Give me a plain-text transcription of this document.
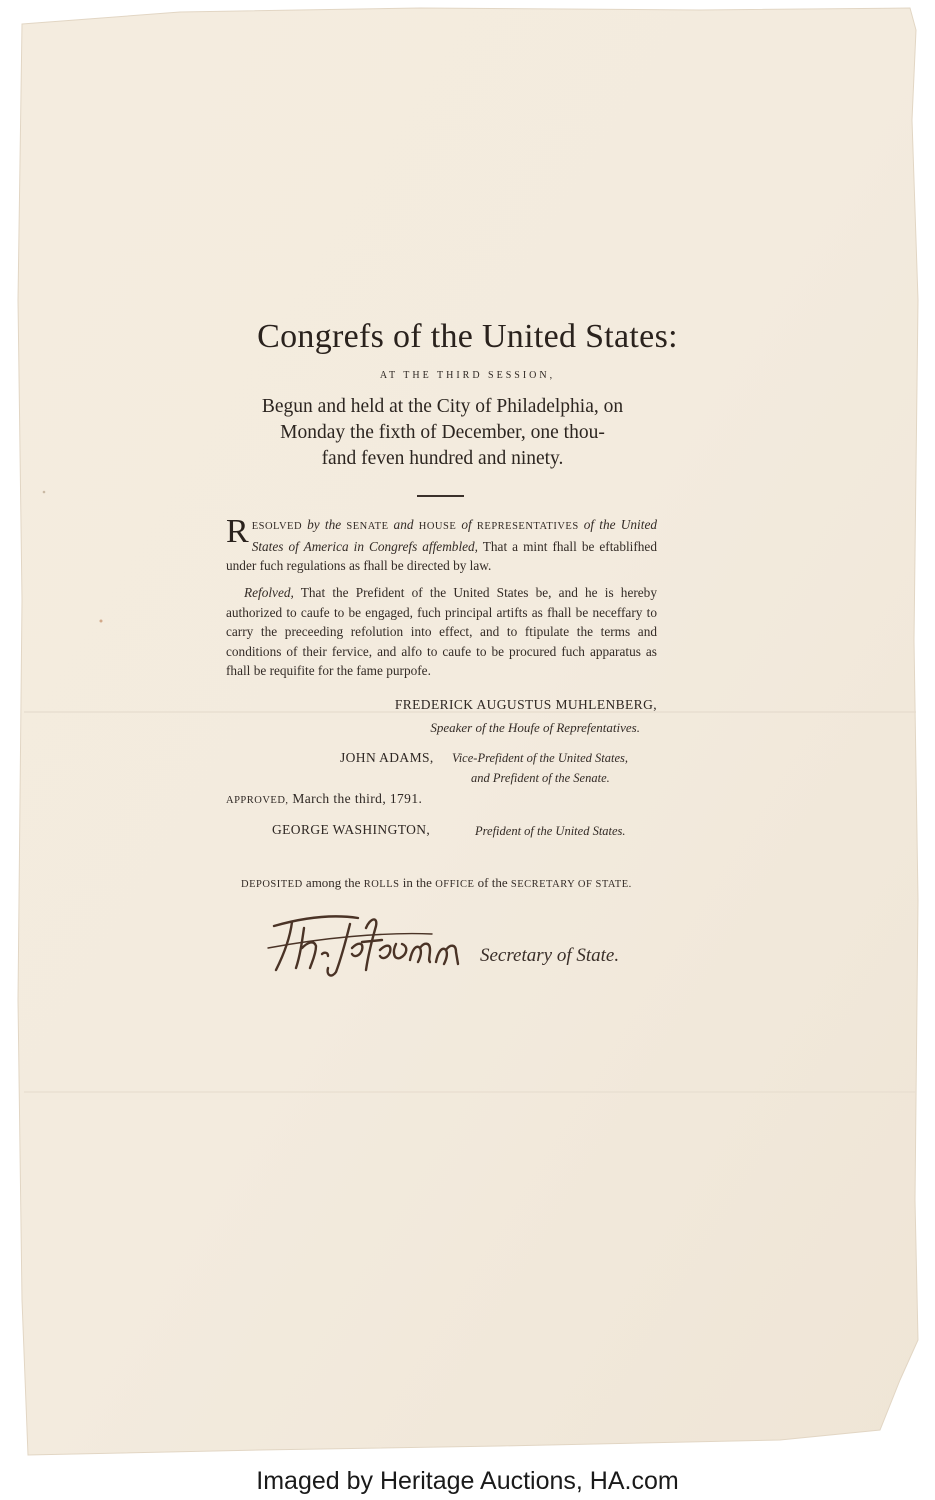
Congrefs of the United States:
AT THE THIRD SESSION,
Begun and held at the City of Philadelphia, on
Monday the fixth of December, one thou-
fand feven hundred and ninety.
R ESOLVED by the SENATE and HOUSE of REPRESENTATIVES of the United States of America in Congrefs affembled, That a mint fhall be eftablifhed under fuch regulations as fhall be directed by law.
Refolved, That the Prefident of the United States be, and he is hereby authorized to caufe to be engaged, fuch principal artifts as fhall be neceffary to carry the preceeding refolution into effect, and to ftipulate the terms and conditions of their fervice, and alfo to caufe to be procured fuch apparatus as fhall be requifite for the fame purpofe.
FREDERICK AUGUSTUS MUHLENBERG,
Speaker of the Houfe of Reprefentatives.
JOHN ADAMS, Vice-Prefident of the United States,
and Prefident of the Senate.
APPROVED, March the third, 1791.
GEORGE WASHINGTON,	Prefident of the United States.
DEPOSITED among the ROLLS in the OFFICE of the SECRETARY OF STATE.
Secretary of State.
Imaged by Heritage Auctions, HA.com
